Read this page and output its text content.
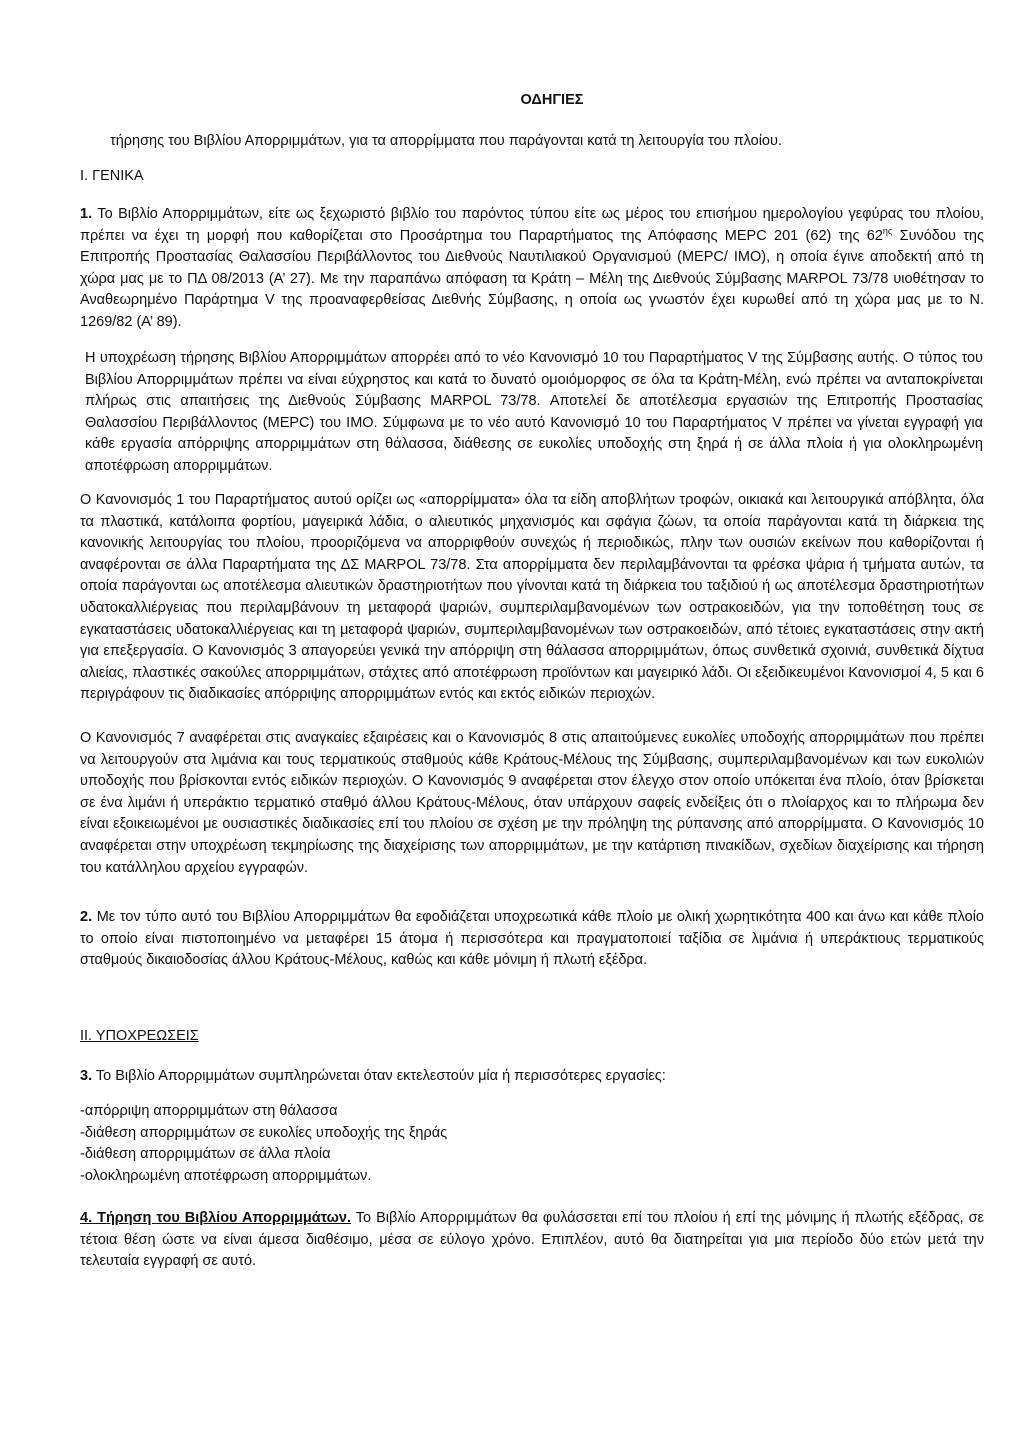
ΟΔΗΓΙΕΣ

τήρησης του Βιβλίου Απορριμμάτων, για τα απορρίμματα που παράγονται κατά τη λειτουργία του πλοίου.

Ι. ΓΕΝΙΚΑ

1. Το Βιβλίο Απορριμμάτων, είτε ως ξεχωριστό βιβλίο του παρόντος τύπου είτε ως μέρος του επισήμου ημερολογίου γεφύρας του πλοίου, πρέπει να έχει τη μορφή που καθορίζεται στο Προσάρτημα του Παραρτήματος της Απόφασης MEPC 201 (62) της $62^{\eta\varsigma}$ Συνόδου της Επιτροπής Προστασίας Θαλασσίου Περιβάλλοντος του Διεθνούς Ναυτιλιακού Οργανισμού (MEPC/ ΙΜΟ), η οποία έγινε αποδεκτή από τη χώρα μας με το ΠΔ 08/2013 (Α’ 27). Με την παραπάνω απόφαση τα Κράτη – Μέλη της Διεθνούς Σύμβασης MARPOL 73/78 υιοθέτησαν το Αναθεωρημένο Παράρτημα V της προαναφερθείσας Διεθνής Σύμβασης, η οποία ως γνωστόν έχει κυρωθεί από τη χώρα μας με το Ν. 1269/82 (Α’ 89).

Η υποχρέωση τήρησης Βιβλίου Απορριμμάτων απορρέει από το νέο Κανονισμό 10 του Παραρτήματος V της Σύμβασης αυτής. Ο τύπος του Βιβλίου Απορριμμάτων πρέπει να είναι εύχρηστος και κατά το δυνατό ομοιόμορφος σε όλα τα Κράτη-Μέλη, ενώ πρέπει να ανταποκρίνεται πλήρως στις απαιτήσεις της Διεθνούς Σύμβασης MARPOL 73/78. Αποτελεί δε αποτέλεσμα εργασιών της Επιτροπής Προστασίας Θαλασσίου Περιβάλλοντος (MEPC) του IMO. Σύμφωνα με το νέο αυτό Κανονισμό 10 του Παραρτήματος V πρέπει να γίνεται εγγραφή για κάθε εργασία απόρριψης απορριμμάτων στη θάλασσα, διάθεσης σε ευκολίες υποδοχής στη ξηρά ή σε άλλα πλοία ή για ολοκληρωμένη αποτέφρωση απορριμμάτων.

Ο Κανονισμός 1 του Παραρτήματος αυτού ορίζει ως «απορρίμματα» όλα τα είδη αποβλήτων τροφών, οικιακά και λειτουργικά απόβλητα, όλα τα πλαστικά, κατάλοιπα φορτίου, μαγειρικά λάδια, ο αλιευτικός μηχανισμός και σφάγια ζώων, τα οποία παράγονται κατά τη διάρκεια της κανονικής λειτουργίας του πλοίου, προοριζόμενα να απορριφθούν συνεχώς ή περιοδικώς, πλην των ουσιών εκείνων που καθορίζονται ή αναφέρονται σε άλλα Παραρτήματα της ΔΣ MARPOL 73/78. Στα απορρίμματα δεν περιλαμβάνονται τα φρέσκα ψάρια ή τμήματα αυτών, τα οποία παράγονται ως αποτέλεσμα αλιευτικών δραστηριοτήτων που γίνονται κατά τη διάρκεια του ταξιδιού ή ως αποτέλεσμα δραστηριοτήτων υδατοκαλλιέργειας που περιλαμβάνουν τη μεταφορά ψαριών, συμπεριλαμβανομένων των οστρακοειδών, για την τοποθέτηση τους σε εγκαταστάσεις υδατοκαλλιέργειας και τη μεταφορά ψαριών, συμπεριλαμβανομένων των οστρακοειδών, από τέτοιες εγκαταστάσεις στην ακτή για επεξεργασία. Ο Κανονισμός 3 απαγορεύει γενικά την απόρριψη στη θάλασσα απορριμμάτων, όπως συνθετικά σχοινιά, συνθετικά δίχτυα αλιείας, πλαστικές σακούλες απορριμμάτων, στάχτες από αποτέφρωση προϊόντων και μαγειρικό λάδι. Οι εξειδικευμένοι Κανονισμοί 4, 5 και 6 περιγράφουν τις διαδικασίες απόρριψης απορριμμάτων εντός και εκτός ειδικών περιοχών.

Ο Κανονισμός 7 αναφέρεται στις αναγκαίες εξαιρέσεις και ο Κανονισμός 8 στις απαιτούμενες ευκολίες υποδοχής απορριμμάτων που πρέπει να λειτουργούν στα λιμάνια και τους τερματικούς σταθμούς κάθε Κράτους-Μέλους της Σύμβασης, συμπεριλαμβανομένων και των ευκολιών υποδοχής που βρίσκονται εντός ειδικών περιοχών. Ο Κανονισμός 9 αναφέρεται στον έλεγχο στον οποίο υπόκειται ένα πλοίο, όταν βρίσκεται σε ένα λιμάνι ή υπεράκτιο τερματικό σταθμό άλλου Κράτους-Μέλους, όταν υπάρχουν σαφείς ενδείξεις ότι ο πλοίαρχος και το πλήρωμα δεν είναι εξοικειωμένοι με ουσιαστικές διαδικασίες επί του πλοίου σε σχέση με την πρόληψη της ρύπανσης από απορρίμματα. Ο Κανονισμός 10 αναφέρεται στην υποχρέωση τεκμηρίωσης της διαχείρισης των απορριμμάτων, με την κατάρτιση πινακίδων, σχεδίων διαχείρισης και τήρηση του κατάλληλου αρχείου εγγραφών.

2. Με τον τύπο αυτό του Βιβλίου Απορριμμάτων θα εφοδιάζεται υποχρεωτικά κάθε πλοίο με ολική χωρητικότητα 400 και άνω και κάθε πλοίο το οποίο είναι πιστοποιημένο να μεταφέρει 15 άτομα ή περισσότερα και πραγματοποιεί ταξίδια σε λιμάνια ή υπεράκτιους τερματικούς σταθμούς δικαιοδοσίας άλλου Κράτους-Μέλους, καθώς και κάθε μόνιμη ή πλωτή εξέδρα.

ΙΙ. ΥΠΟΧΡΕΩΣΕΙΣ

3. Το Βιβλίο Απορριμμάτων συμπληρώνεται όταν εκτελεστούν μία ή περισσότερες εργασίες:

-απόρριψη απορριμμάτων στη θάλασσα
-διάθεση απορριμμάτων σε ευκολίες υποδοχής της ξηράς
-διάθεση απορριμμάτων σε άλλα πλοία
-ολοκληρωμένη αποτέφρωση απορριμμάτων.

4. Τήρηση του Βιβλίου Απορριμμάτων. Το Βιβλίο Απορριμμάτων θα φυλάσσεται επί του πλοίου ή επί της μόνιμης ή πλωτής εξέδρας, σε τέτοια θέση ώστε να είναι άμεσα διαθέσιμο, μέσα σε εύλογο χρόνο. Επιπλέον, αυτό θα διατηρείται για μια περίοδο δύο ετών μετά την τελευταία εγγραφή σε αυτό.
